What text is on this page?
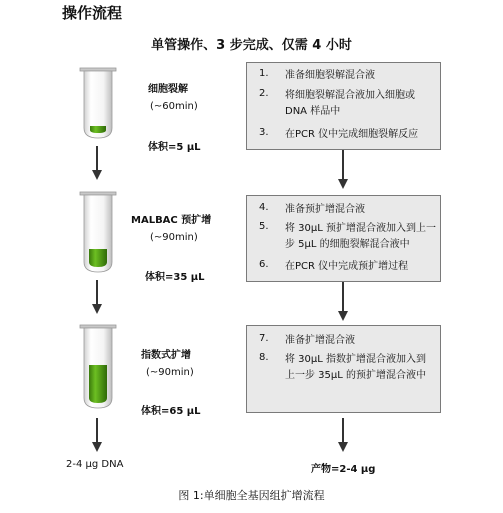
操作流程
单管操作、3 步完成、仅需 4 小时
细胞裂解
(~60min)
体积=5 μL
MALBAC 预扩增
(~90min)
体积=35 μL
指数式扩增
(~90min)
体积=65 μL
1.	准备细胞裂解混合液
2.	将细胞裂解混合液加入细胞或DNA 样品中
3.	在PCR 仪中完成细胞裂解反应
4.	准备预扩增混合液
5.	将 30μL 预扩增混合液加入到上一步 5μL 的细胞裂解混合液中
6.	在PCR 仪中完成预扩增过程
7.	准备扩增混合液
8.	将 30μL 指数扩增混合液加入到上一步 35μL 的预扩增混合液中
2-4 μg DNA	产物=2-4 μg
图 1:单细胞全基因组扩增流程
